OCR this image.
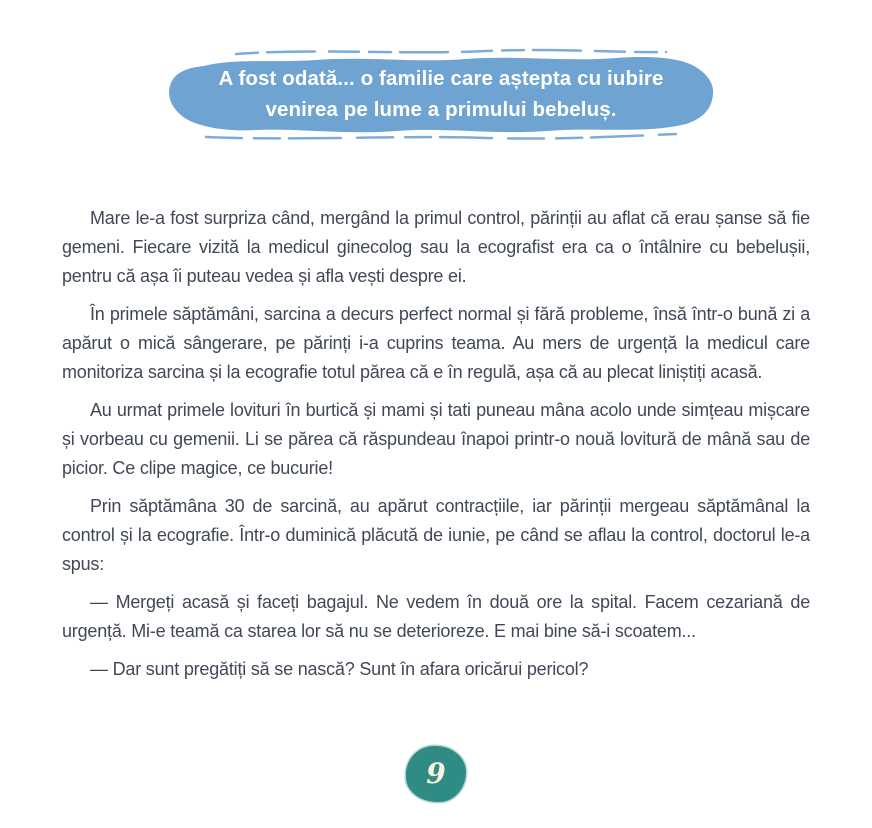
A fost odată... o familie care aștepta cu iubire
venirea pe lume a primului bebeluș.

Mare le-a fost surpriza când, mergând la primul control, părinții au aflat că erau șanse să fie gemeni. Fiecare vizită la medicul ginecolog sau la ecografist era ca o întâlnire cu bebelușii, pentru că așa îi puteau vedea și afla vești despre ei.

În primele săptămâni, sarcina a decurs perfect normal și fără probleme, însă într-o bună zi a apărut o mică sângerare, pe părinți i-a cuprins teama. Au mers de urgență la medicul care monitoriza sarcina și la ecografie totul părea că e în regulă, așa că au plecat liniștiți acasă.

Au urmat primele lovituri în burtică și mami și tati puneau mâna acolo unde simțeau mișcare și vorbeau cu gemenii. Li se părea că răspundeau înapoi printr-o nouă lovitură de mână sau de picior. Ce clipe magice, ce bucurie!

Prin săptămâna 30 de sarcină, au apărut contracțiile, iar părinții mergeau săptămânal la control și la ecografie. Într-o duminică plăcută de iunie, pe când se aflau la control, doctorul le-a spus:

— Mergeți acasă și faceți bagajul. Ne vedem în două ore la spital. Facem cezariană de urgență. Mi-e teamă ca starea lor să nu se deterioreze. E mai bine să-i scoatem...

— Dar sunt pregătiți să se nască? Sunt în afara oricărui pericol?

9
